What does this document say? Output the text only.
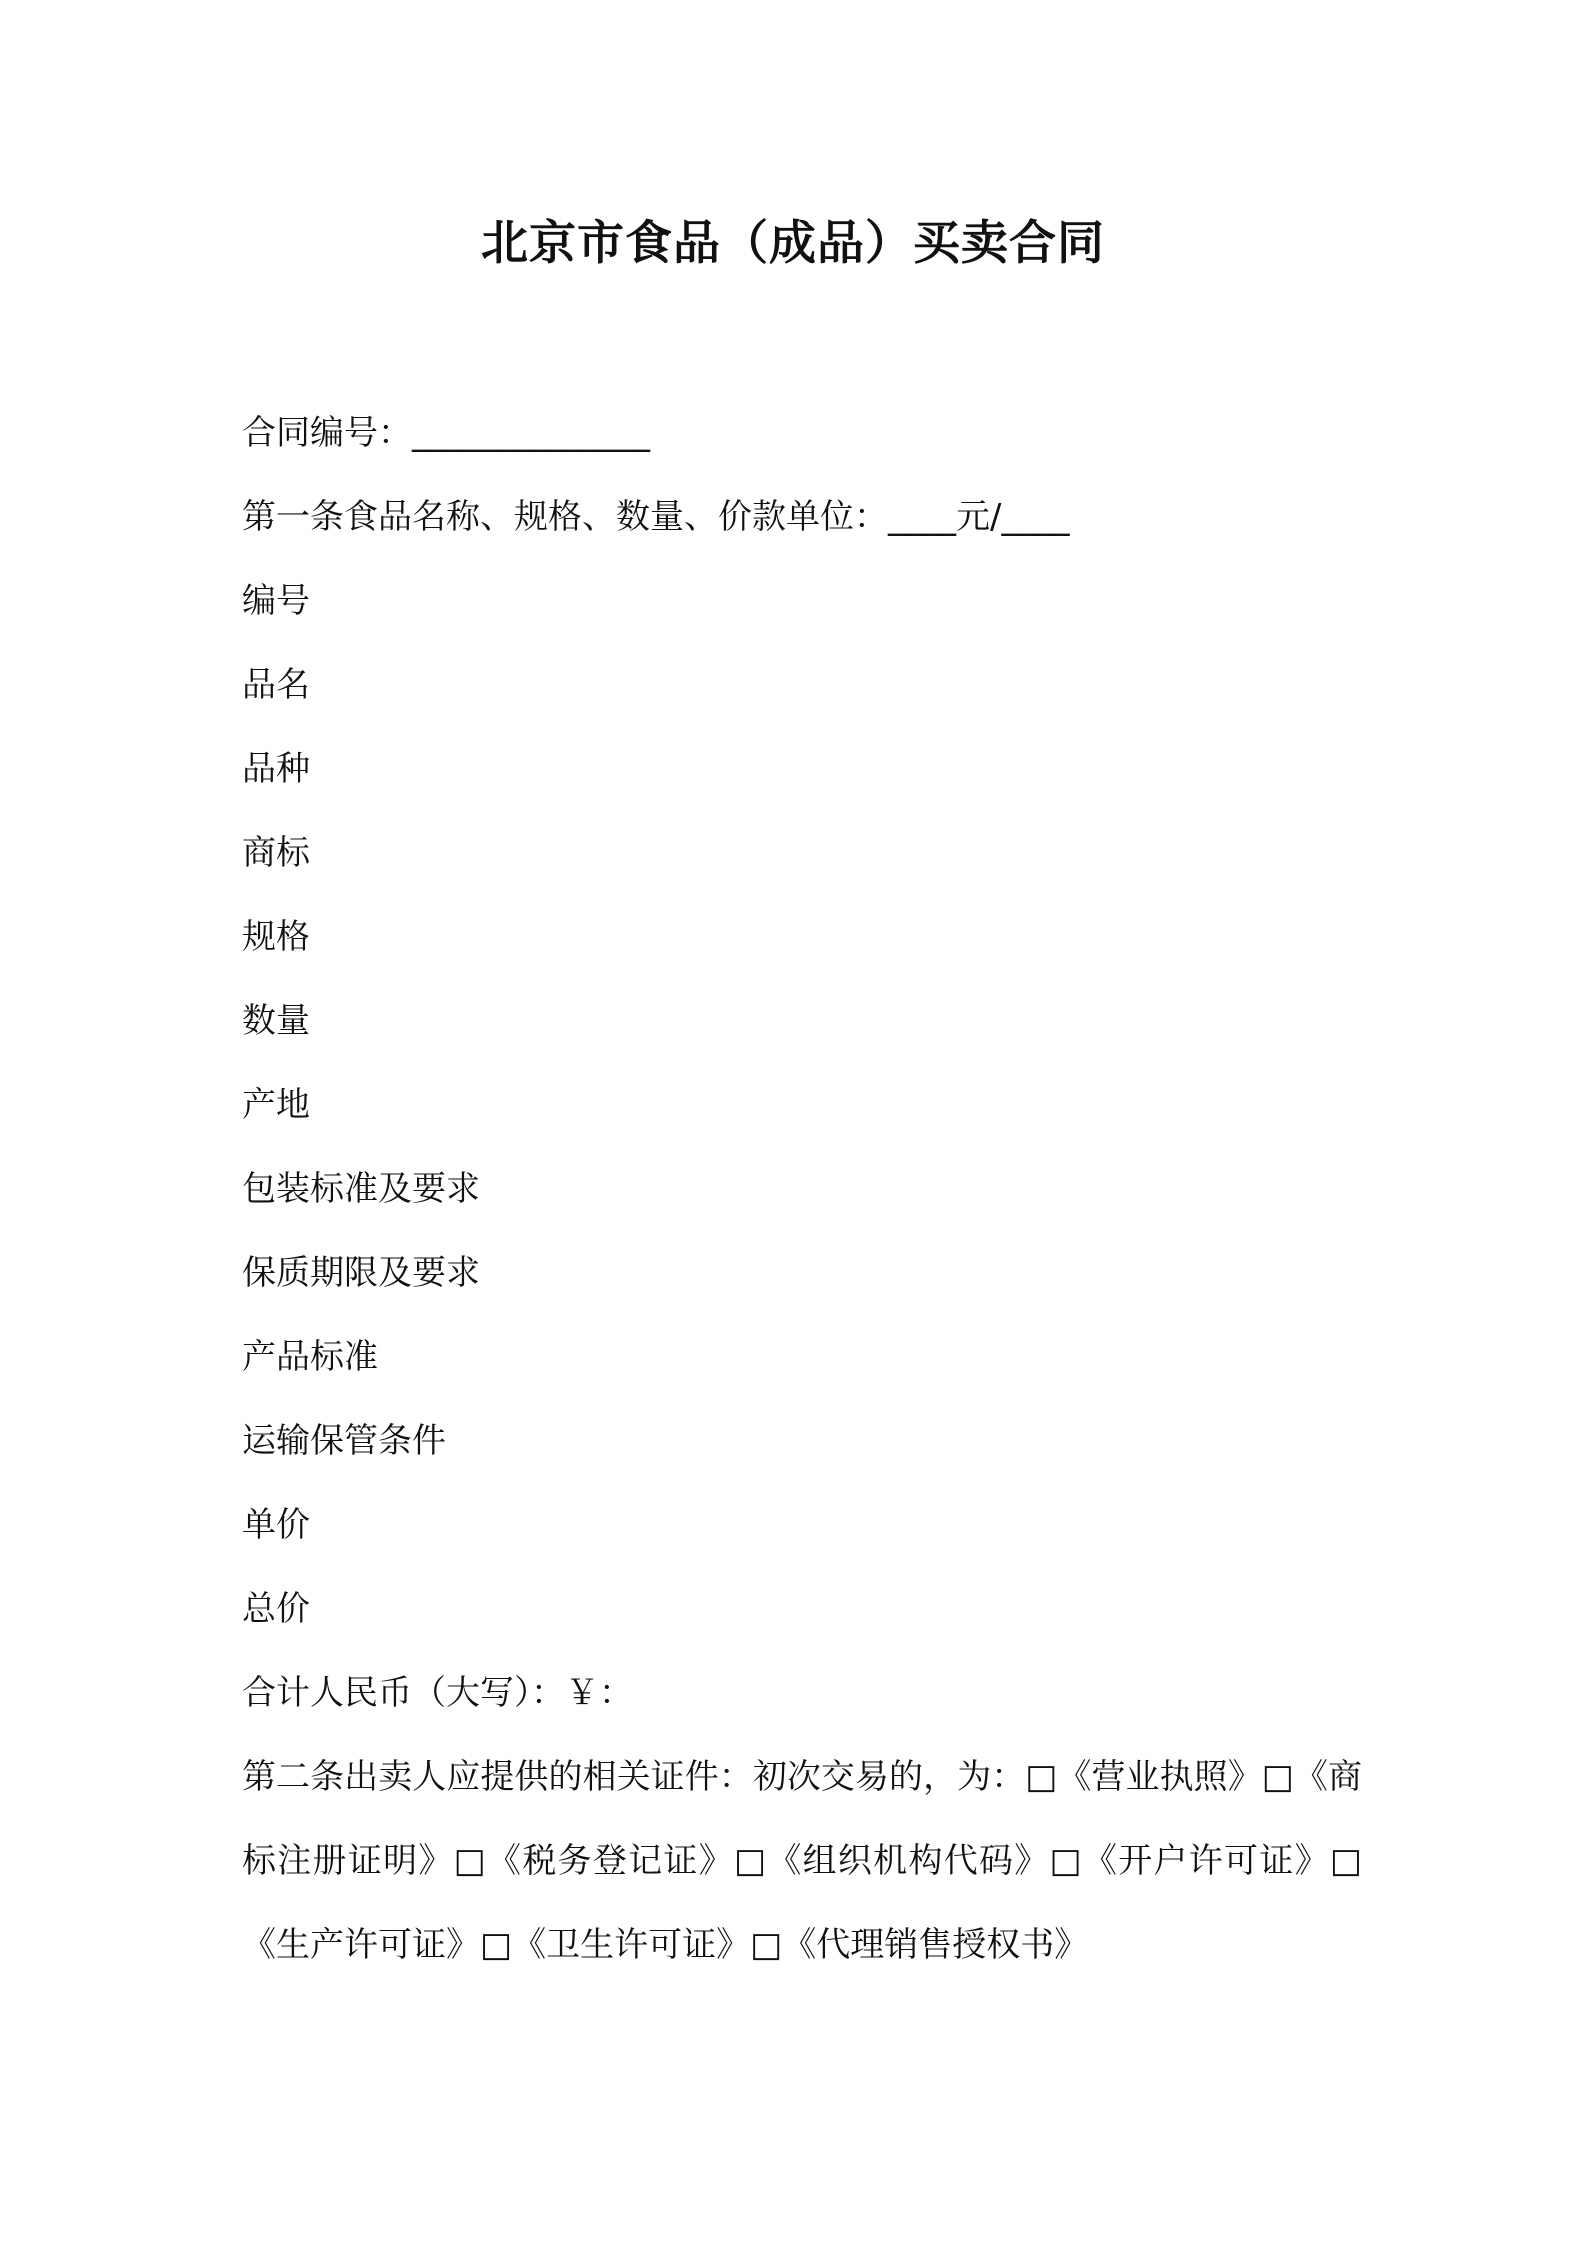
北京市食品（成品）买卖合同
合同编号：______________
第一条食品名称、规格、数量、价款单位：____元/____
编号
品名
品种
商标
规格
数量
产地
包装标准及要求
保质期限及要求
产品标准
运输保管条件
单价
总价
合计人民币（大写）：￥：
第二条出卖人应提供的相关证件：初次交易的，为：□《营业执照》□《商标注册证明》□《税务登记证》□《组织机构代码》□《开户许可证》□《生产许可证》□《卫生许可证》□《代理销售授权书》
